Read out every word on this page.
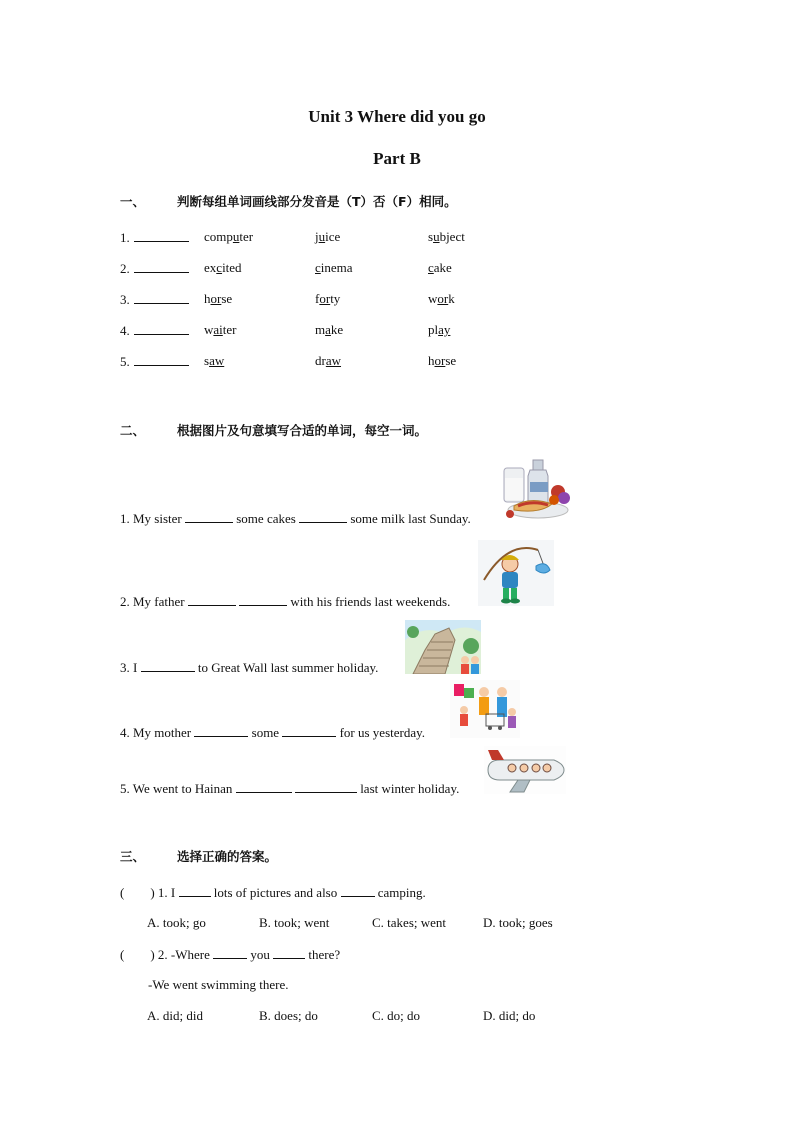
Unit 3 Where did you go
Part B
一、	判断每组单词画线部分发音是（T）否（F）相同。
1.	computer	juice	subject
2.	excited	cinema	cake
3.	horse	forty	work
4.	waiter	make	play
5.	saw	draw	horse
二、	根据图片及句意填写合适的单词，每空一词。
1. My sister	some cakes	some milk last Sunday.
2. My father	with his friends last weekends.
3. I	to Great Wall last summer holiday.
4. My mother	some	for us yesterday.
5. We went to Hainan	last winter holiday.
三、	选择正确的答案。
(        ) 1. I	lots of pictures and also	camping.
A. took; go	B. took; went	C. takes; went	D. took; goes
(        ) 2. -Where	you	there?
-We went swimming there.
A. did; did	B. does; do	C. do; do	D. did; do
